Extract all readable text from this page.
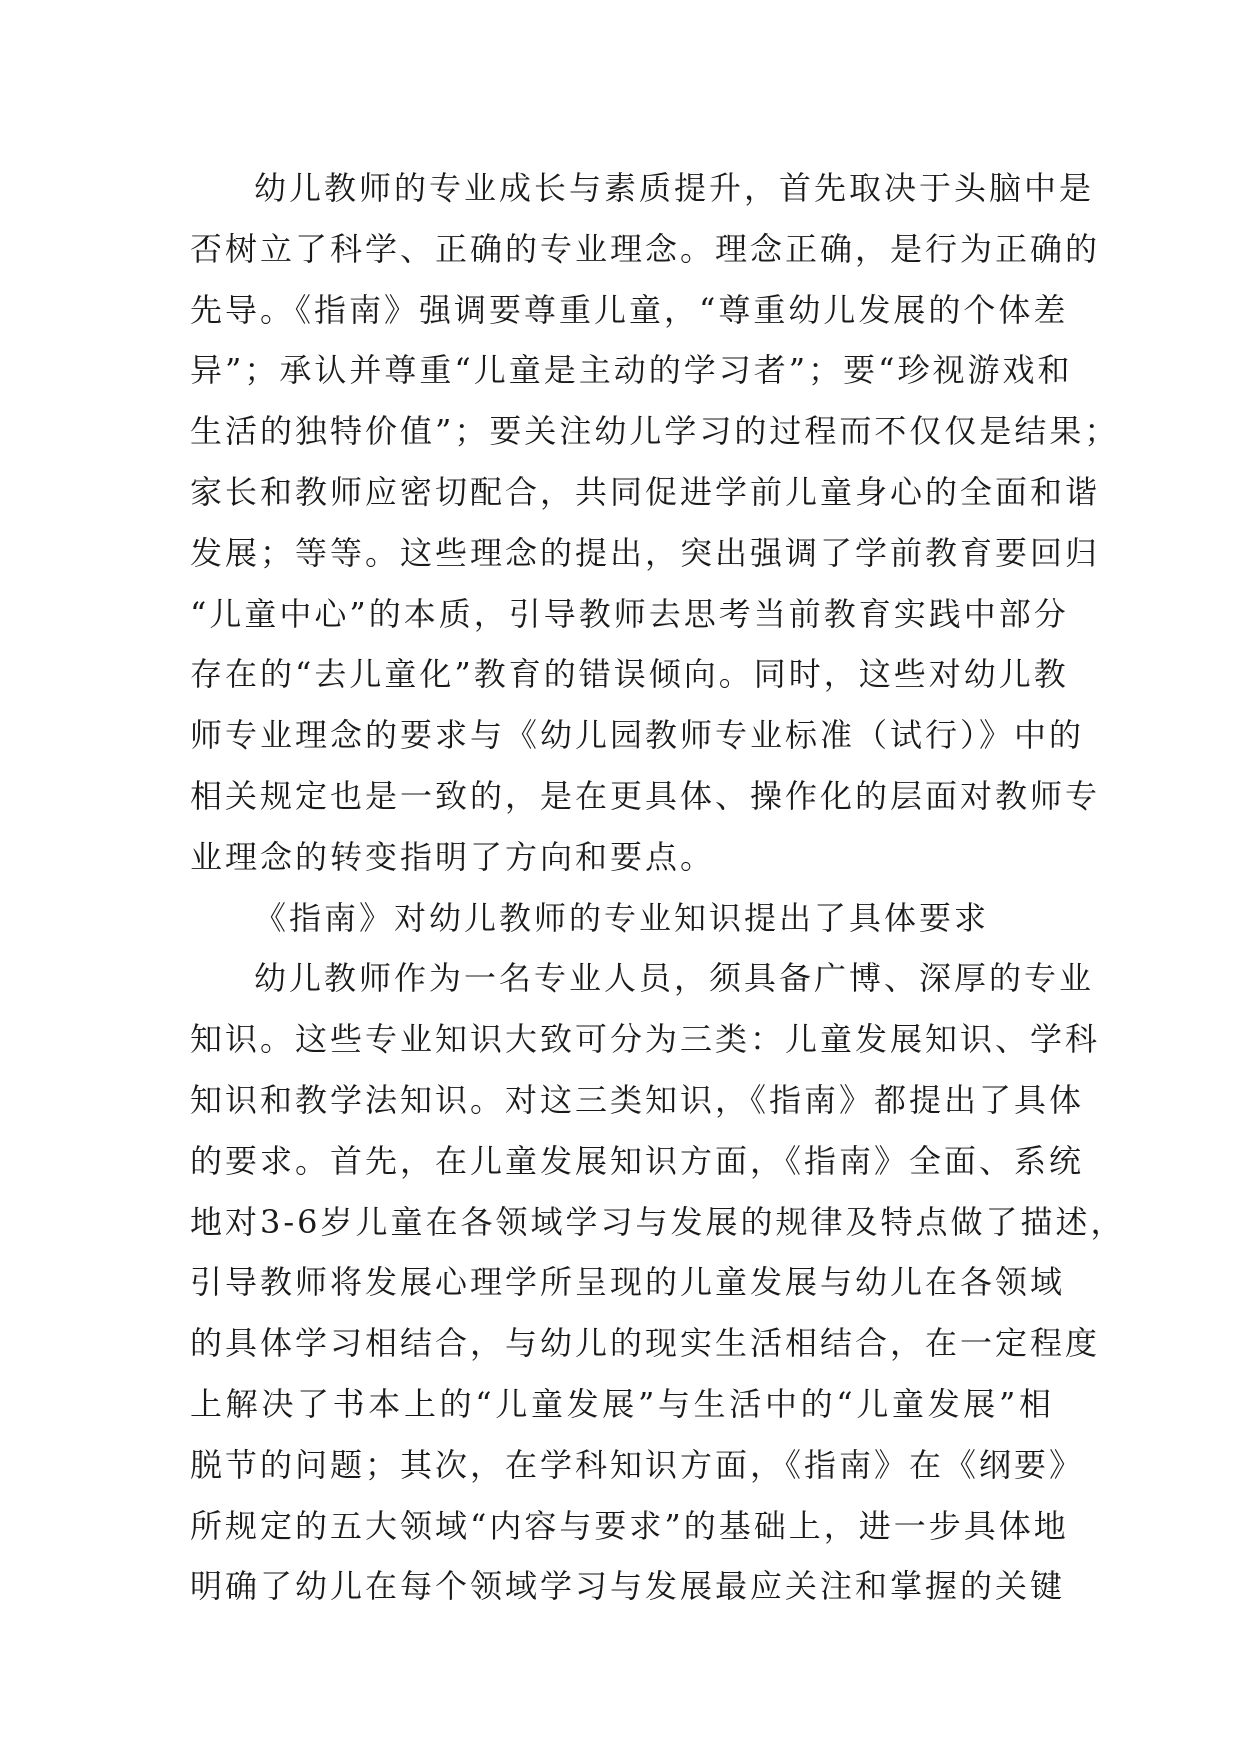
幼儿教师的专业成长与素质提升，首先取决于头脑中是
否树立了科学、正确的专业理念。理念正确，是行为正确的
先导。《指南》强调要尊重儿童，“尊重幼儿发展的个体差
异”；承认并尊重“儿童是主动的学习者”；要“珍视游戏和
生活的独特价值”；要关注幼儿学习的过程而不仅仅是结果；
家长和教师应密切配合，共同促进学前儿童身心的全面和谐
发展；等等。这些理念的提出，突出强调了学前教育要回归
“儿童中心”的本质，引导教师去思考当前教育实践中部分
存在的“去儿童化”教育的错误倾向。同时，这些对幼儿教
师专业理念的要求与《幼儿园教师专业标准（试行）》中的
相关规定也是一致的，是在更具体、操作化的层面对教师专
业理念的转变指明了方向和要点。
《指南》对幼儿教师的专业知识提出了具体要求
幼儿教师作为一名专业人员，须具备广博、深厚的专业
知识。这些专业知识大致可分为三类：儿童发展知识、学科
知识和教学法知识。对这三类知识，《指南》都提出了具体
的要求。首先，在儿童发展知识方面，《指南》全面、系统
地对3-6岁儿童在各领域学习与发展的规律及特点做了描述，
引导教师将发展心理学所呈现的儿童发展与幼儿在各领域
的具体学习相结合，与幼儿的现实生活相结合，在一定程度
上解决了书本上的“儿童发展”与生活中的“儿童发展”相
脱节的问题；其次，在学科知识方面，《指南》在《纲要》
所规定的五大领域“内容与要求”的基础上，进一步具体地
明确了幼儿在每个领域学习与发展最应关注和掌握的关键
